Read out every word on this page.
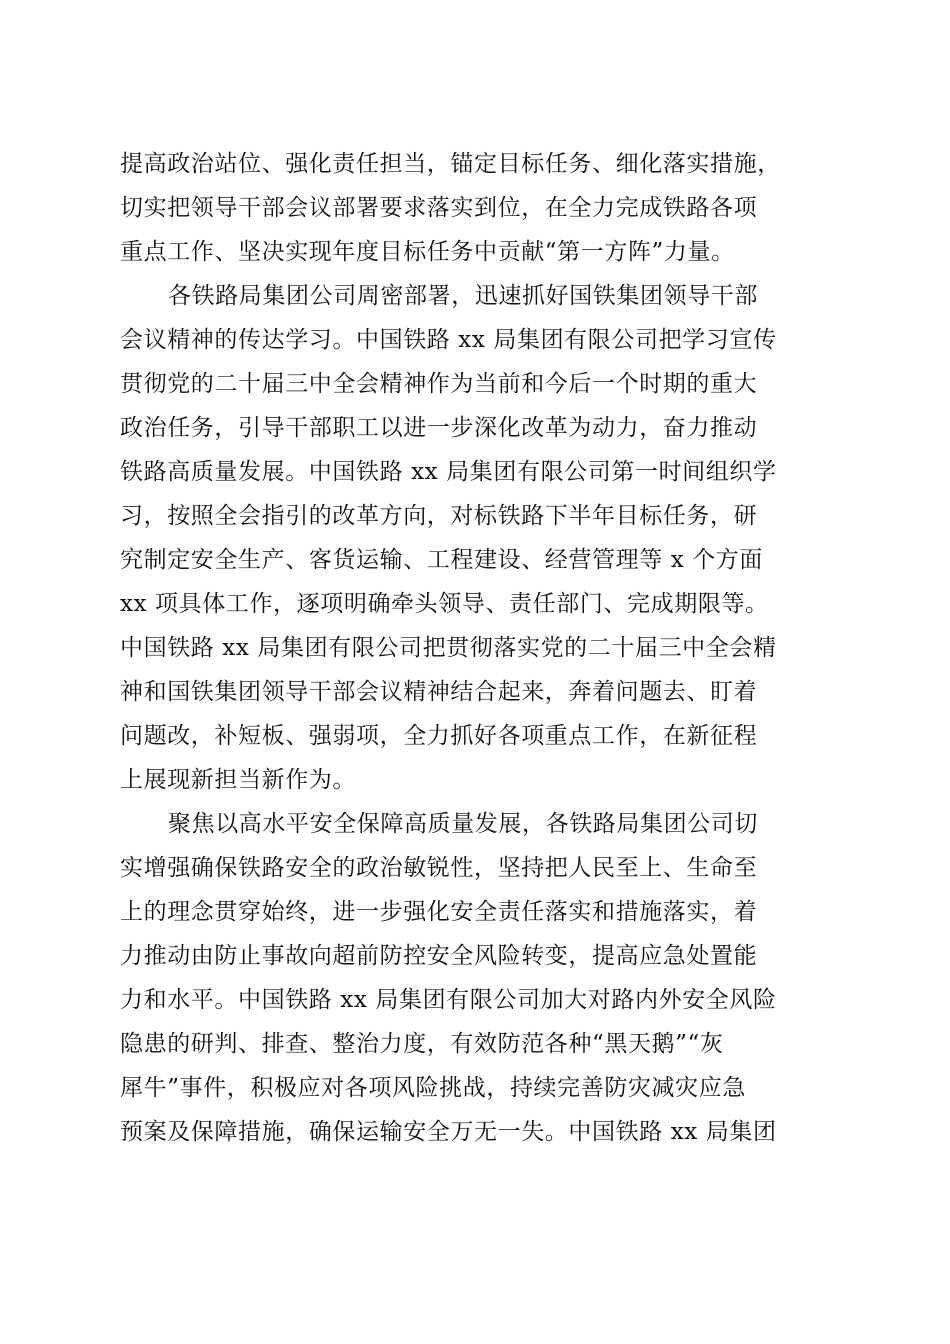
提高政治站位、强化责任担当，锚定目标任务、细化落实措施，
切实把领导干部会议部署要求落实到位，在全力完成铁路各项
重点工作、坚决实现年度目标任务中贡献“第一方阵”力量。
各铁路局集团公司周密部署，迅速抓好国铁集团领导干部
会议精神的传达学习。中国铁路 xx 局集团有限公司把学习宣传
贯彻党的二十届三中全会精神作为当前和今后一个时期的重大
政治任务，引导干部职工以进一步深化改革为动力，奋力推动
铁路高质量发展。中国铁路 xx 局集团有限公司第一时间组织学
习，按照全会指引的改革方向，对标铁路下半年目标任务，研
究制定安全生产、客货运输、工程建设、经营管理等 x 个方面
xx 项具体工作，逐项明确牵头领导、责任部门、完成期限等。
中国铁路 xx 局集团有限公司把贯彻落实党的二十届三中全会精
神和国铁集团领导干部会议精神结合起来，奔着问题去、盯着
问题改，补短板、强弱项，全力抓好各项重点工作，在新征程
上展现新担当新作为。
聚焦以高水平安全保障高质量发展，各铁路局集团公司切
实增强确保铁路安全的政治敏锐性，坚持把人民至上、生命至
上的理念贯穿始终，进一步强化安全责任落实和措施落实，着
力推动由防止事故向超前防控安全风险转变，提高应急处置能
力和水平。中国铁路 xx 局集团有限公司加大对路内外安全风险
隐患的研判、排查、整治力度，有效防范各种“黑天鹅”“灰
犀牛”事件，积极应对各项风险挑战，持续完善防灾减灾应急
预案及保障措施，确保运输安全万无一失。中国铁路 xx 局集团
